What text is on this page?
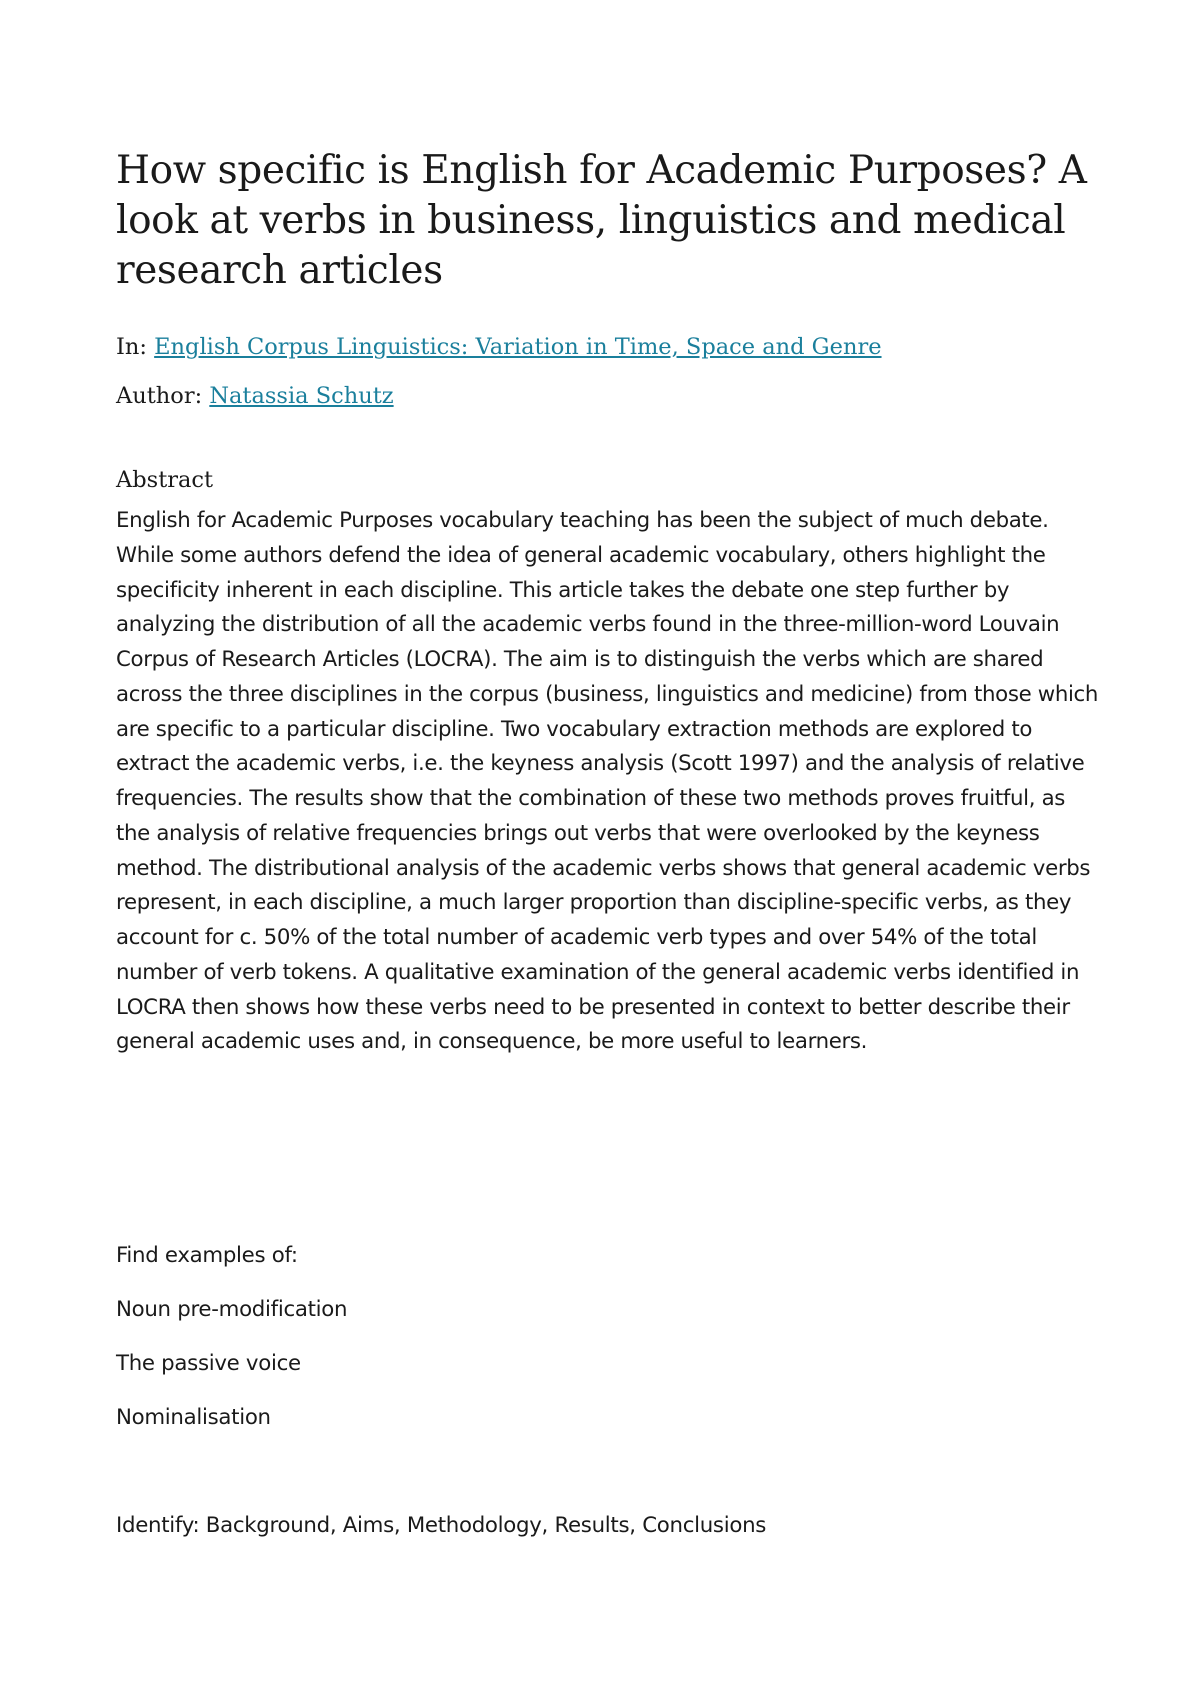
How specific is English for Academic Purposes? A look at verbs in business, linguistics and medical research articles
In: English Corpus Linguistics: Variation in Time, Space and Genre
Author: Natassia Schutz
Abstract

English for Academic Purposes vocabulary teaching has been the subject of much debate. While some authors defend the idea of general academic vocabulary, others highlight the specificity inherent in each discipline. This article takes the debate one step further by analyzing the distribution of all the academic verbs found in the three-million-word Louvain Corpus of Research Articles (LOCRA). The aim is to distinguish the verbs which are shared across the three disciplines in the corpus (business, linguistics and medicine) from those which are specific to a particular discipline. Two vocabulary extraction methods are explored to extract the academic verbs, i.e. the keyness analysis (Scott 1997) and the analysis of relative frequencies. The results show that the combination of these two methods proves fruitful, as the analysis of relative frequencies brings out verbs that were overlooked by the keyness method. The distributional analysis of the academic verbs shows that general academic verbs represent, in each discipline, a much larger proportion than discipline-specific verbs, as they account for c. 50% of the total number of academic verb types and over 54% of the total number of verb tokens. A qualitative examination of the general academic verbs identified in LOCRA then shows how these verbs need to be presented in context to better describe their general academic uses and, in consequence, be more useful to learners.

Find examples of:

Noun pre-modification

The passive voice

Nominalisation

Identify: Background, Aims, Methodology, Results, Conclusions
